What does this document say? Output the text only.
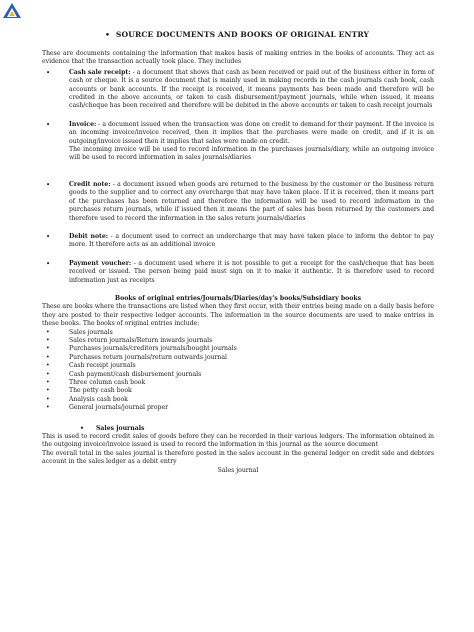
• SOURCE DOCUMENTS AND BOOKS OF ORIGINAL ENTRY

These are documents containing the information that makes basis of making entries in the books of accounts. They act as evidence that the transaction actually took place. They includes

•	Cash sale receipt: - a document that shows that cash as been received or paid out of the business either in form of cash or cheque. It is a source document that is mainly used in making records in the cash journals cash book, cash accounts or bank accounts. If the receipt is received, it means payments has been made and therefore will be credited in the above accounts, or taken to cash disbursement/payment journals, while when issued, it means cash/cheque has been received and therefore will be debited in the above accounts or taken to cash receipt journals
•	Invoice: - a document issued when the transaction was done on credit to demand for their payment. If the invoice is an incoming invoice/invoice received, then it implies that the purchases were made on credit, and if it is an outgoing/invoice issued then it implies that sales were made on credit.
The incoming invoice will be used to record information in the purchases journals/diary, while an outgoing invoice will be used to record information in sales journals/diaries
•	Credit note: - a document issued when goods are returned to the business by the customer or the business return goods to the supplier and to correct any overcharge that may have taken place. If it is received, then it means part of the purchases has been returned and therefore the information will be used to record information in the purchases return journals, while if issued then it means the part of sales has been returned by the customers and therefore used to record the information in the sales return journals/diaries
•	Debit note: - a document used to correct an undercharge that may have taken place to inform the debtor to pay more. It therefore acts as an additional invoice
•	Payment voucher: - a document used where it is not possible to get a receipt for the cash/cheque that has been received or issued. The person being paid must sign on it to make it authentic. It is therefore used to record information just as receipts

Books of original entries/Journals/Diaries/day's books/Subsidiary books

These are books where the transactions are listed when they first occur, with their entries being made on a daily basis before they are posted to their respective ledger accounts. The information in the source documents are used to make entries in these books. The books of original entries include:

•	Sales journals
•	Sales return journals/Return inwards journals
•	Purchases journals/creditors journals/bought journals
•	Purchases return journals/return outwards journal
•	Cash receipt journals
•	Cash payment/cash disbursement journals
•	Three column cash book
•	The petty cash book
•	Analysis cash book
•	General journals/journal proper
• Sales journals

This is used to record credit sales of goods before they can be recorded in their various ledgers. The information obtained in the outgoing invoice/invoice issued is used to record the information in this journal as the source document

The overall total in the sales journal is therefore posted in the sales account in the general ledger on credit side and debtors account in the sales ledger as a debit entry

Sales journal
